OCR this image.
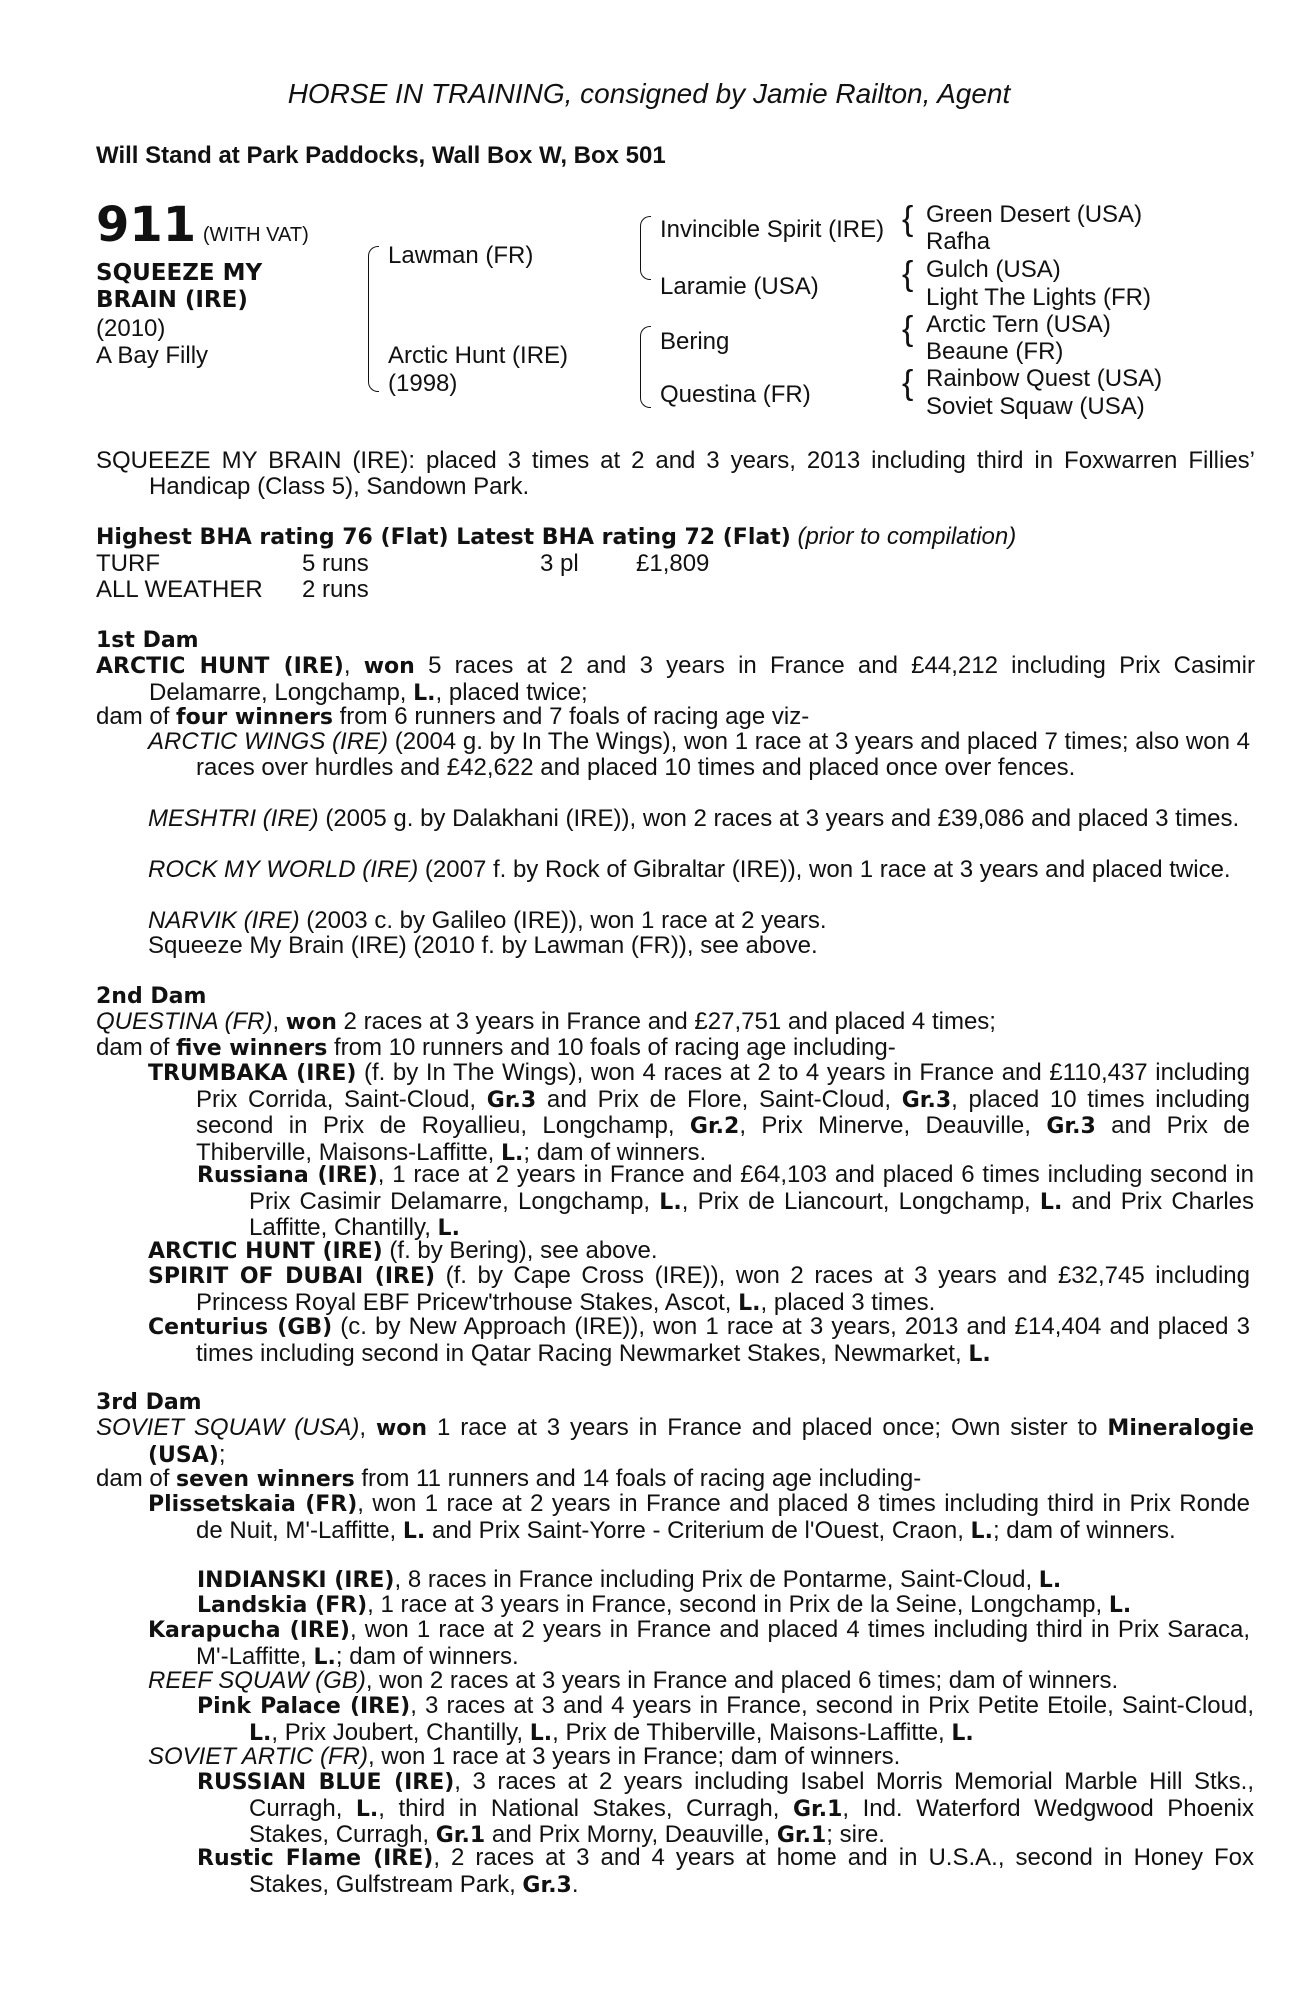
HORSE IN TRAINING, consigned by Jamie Railton, Agent
Will Stand at Park Paddocks, Wall Box W, Box 501
911 (WITH VAT)
SQUEEZE MY
BRAIN (IRE)
(2010)
A Bay Filly
Lawman (FR)
Arctic Hunt (IRE)
(1998)
Invincible Spirit (IRE)
Laramie (USA)
Bering
Questina (FR)
{ Green Desert (USA)
Rafha
{ Gulch (USA)
Light The Lights (FR)
{ Arctic Tern (USA)
Beaune (FR)
{ Rainbow Quest (USA)
Soviet Squaw (USA)
SQUEEZE MY BRAIN (IRE): placed 3 times at 2 and 3 years, 2013 including third in Foxwarren Fillies’ Handicap (Class 5), Sandown Park.
Highest BHA rating 76 (Flat) Latest BHA rating 72 (Flat) (prior to compilation)
TURF	5 runs	3 pl £1,809
ALL WEATHER 2 runs
1st Dam
ARCTIC HUNT (IRE), won 5 races at 2 and 3 years in France and £44,212 including Prix Casimir Delamarre, Longchamp, L., placed twice;
dam of four winners from 6 runners and 7 foals of racing age viz-
ARCTIC WINGS (IRE) (2004 g. by In The Wings), won 1 race at 3 years and placed 7 times; also won 4 races over hurdles and £42,622 and placed 10 times and placed once over fences.
MESHTRI (IRE) (2005 g. by Dalakhani (IRE)), won 2 races at 3 years and £39,086 and placed 3 times.
ROCK MY WORLD (IRE) (2007 f. by Rock of Gibraltar (IRE)), won 1 race at 3 years and placed twice.
NARVIK (IRE) (2003 c. by Galileo (IRE)), won 1 race at 2 years.
Squeeze My Brain (IRE) (2010 f. by Lawman (FR)), see above.
2nd Dam
QUESTINA (FR), won 2 races at 3 years in France and £27,751 and placed 4 times;
dam of five winners from 10 runners and 10 foals of racing age including-
TRUMBAKA (IRE) (f. by In The Wings), won 4 races at 2 to 4 years in France and £110,437 including Prix Corrida, Saint-Cloud, Gr.3 and Prix de Flore, Saint-Cloud, Gr.3, placed 10 times including second in Prix de Royallieu, Longchamp, Gr.2, Prix Minerve, Deauville, Gr.3 and Prix de Thiberville, Maisons-Laffitte, L.; dam of winners.
Russiana (IRE), 1 race at 2 years in France and £64,103 and placed 6 times including second in Prix Casimir Delamarre, Longchamp, L., Prix de Liancourt, Longchamp, L. and Prix Charles Laffitte, Chantilly, L.
ARCTIC HUNT (IRE) (f. by Bering), see above.
SPIRIT OF DUBAI (IRE) (f. by Cape Cross (IRE)), won 2 races at 3 years and £32,745 including Princess Royal EBF Pricew'trhouse Stakes, Ascot, L., placed 3 times.
Centurius (GB) (c. by New Approach (IRE)), won 1 race at 3 years, 2013 and £14,404 and placed 3 times including second in Qatar Racing Newmarket Stakes, Newmarket, L.
3rd Dam
SOVIET SQUAW (USA), won 1 race at 3 years in France and placed once; Own sister to Mineralogie (USA);
dam of seven winners from 11 runners and 14 foals of racing age including-
Plissetskaia (FR), won 1 race at 2 years in France and placed 8 times including third in Prix Ronde de Nuit, M'-Laffitte, L. and Prix Saint-Yorre - Criterium de l'Ouest, Craon, L.; dam of winners.
INDIANSKI (IRE), 8 races in France including Prix de Pontarme, Saint-Cloud, L.
Landskia (FR), 1 race at 3 years in France, second in Prix de la Seine, Longchamp, L.
Karapucha (IRE), won 1 race at 2 years in France and placed 4 times including third in Prix Saraca, M'-Laffitte, L.; dam of winners.
REEF SQUAW (GB), won 2 races at 3 years in France and placed 6 times; dam of winners.
Pink Palace (IRE), 3 races at 3 and 4 years in France, second in Prix Petite Etoile, Saint-Cloud, L., Prix Joubert, Chantilly, L., Prix de Thiberville, Maisons-Laffitte, L.
SOVIET ARTIC (FR), won 1 race at 3 years in France; dam of winners.
RUSSIAN BLUE (IRE), 3 races at 2 years including Isabel Morris Memorial Marble Hill Stks., Curragh, L., third in National Stakes, Curragh, Gr.1, Ind. Waterford Wedgwood Phoenix Stakes, Curragh, Gr.1 and Prix Morny, Deauville, Gr.1; sire.
Rustic Flame (IRE), 2 races at 3 and 4 years at home and in U.S.A., second in Honey Fox Stakes, Gulfstream Park, Gr.3.
